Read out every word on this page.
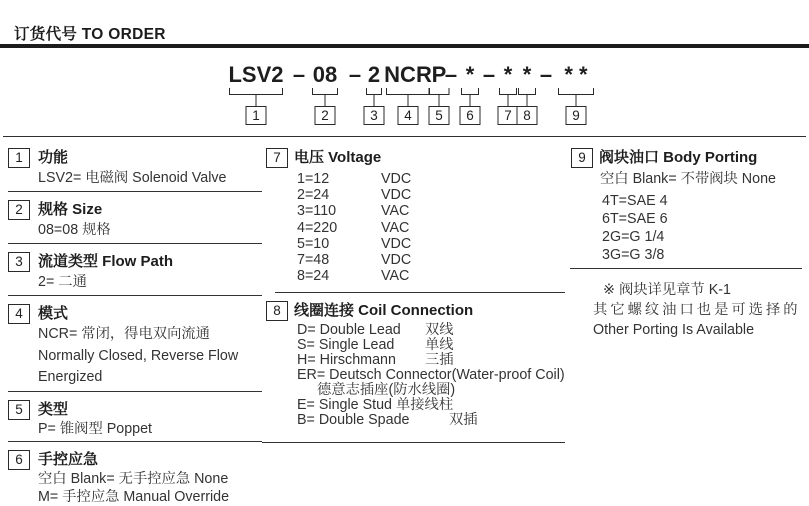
订货代号 TO ORDER
LSV2 – 08 – 2 NCR P
– * – * * – * *
1	2	3	4	5	6	7 8	9
1	功能
LSV2= 电磁阀 Solenoid Valve
2	规格 Size
08=08 规格
3	流道类型 Flow Path
2= 二通
4	模式
NCR= 常闭，得电双向流通
Normally Closed, Reverse Flow
Energized
5	类型
P= 锥阀型 Poppet
6	手控应急
空白 Blank= 无手控应急 None
M= 手控应急 Manual Override
7 电压 Voltage
1=12	VDC
2=24	VDC
3=110	VAC
4=220	VAC
5=10	VDC
7=48	VDC
8=24	VAC
8 线圈连接 Coil Connection
D= Double Lead	双线
S= Single Lead	单线
H= Hirschmann	三插
ER= Deutsch Connector(Water-proof Coil)
德意志插座(防水线圈)
E= Single Stud 单接线柱
B= Double Spade	双插
9 阀块油口 Body Porting
空白 Blank= 不带阀块 None
4T=SAE 4
6T=SAE 6
2G=G 1/4
3G=G 3/8
※ 阀块详见章节 K-1
其它螺纹油口也是可选择的
Other Porting Is Available
